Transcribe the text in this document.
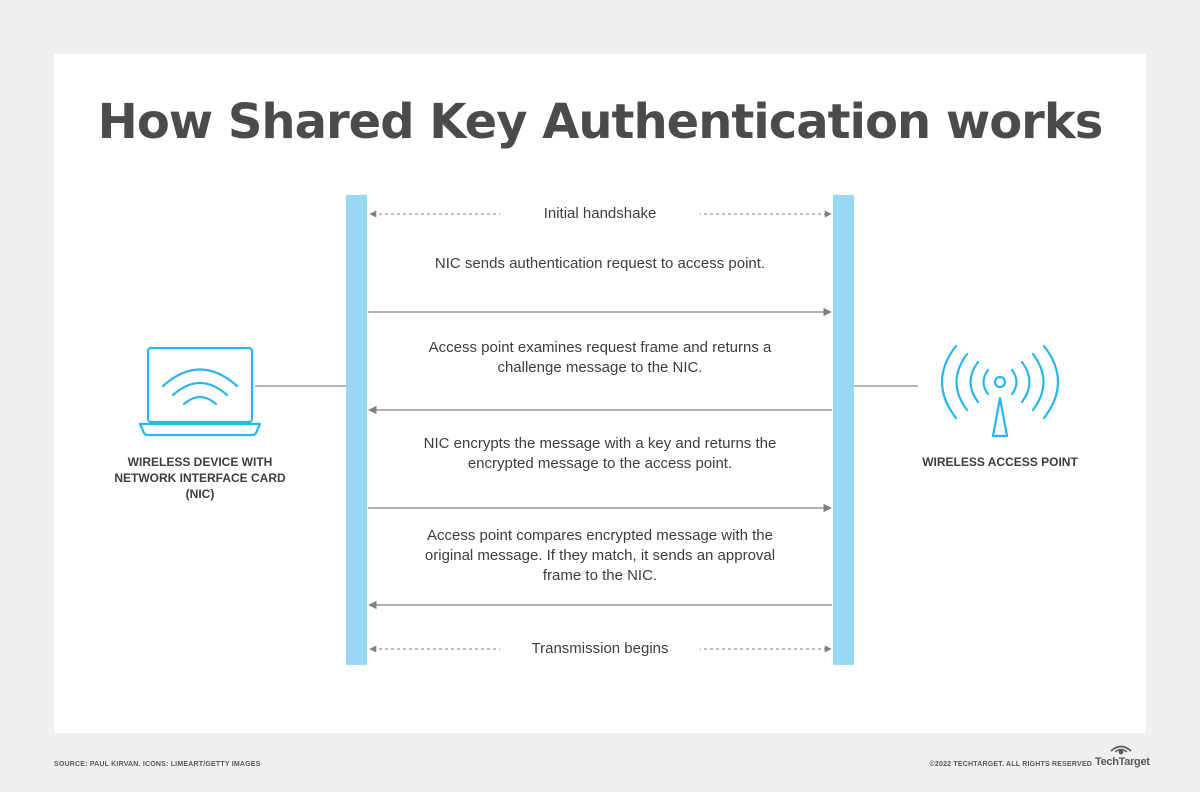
How Shared Key Authentication works
Initial handshake
Transmission begins
NIC sends authentication request to access point.
Access point examines request frame and returns a
challenge message to the NIC.
NIC encrypts the message with a key and returns the
encrypted message to the access point.
Access point compares encrypted message with the
original message. If they match, it sends an approval
frame to the NIC.
WIRELESS DEVICE WITH
NETWORK INTERFACE CARD
(NIC)
WIRELESS ACCESS POINT
SOURCE: PAUL KIRVAN. ICONS: LIMEART/GETTY IMAGES	©2022 TECHTARGET. ALL RIGHTS RESERVED TechTarget
